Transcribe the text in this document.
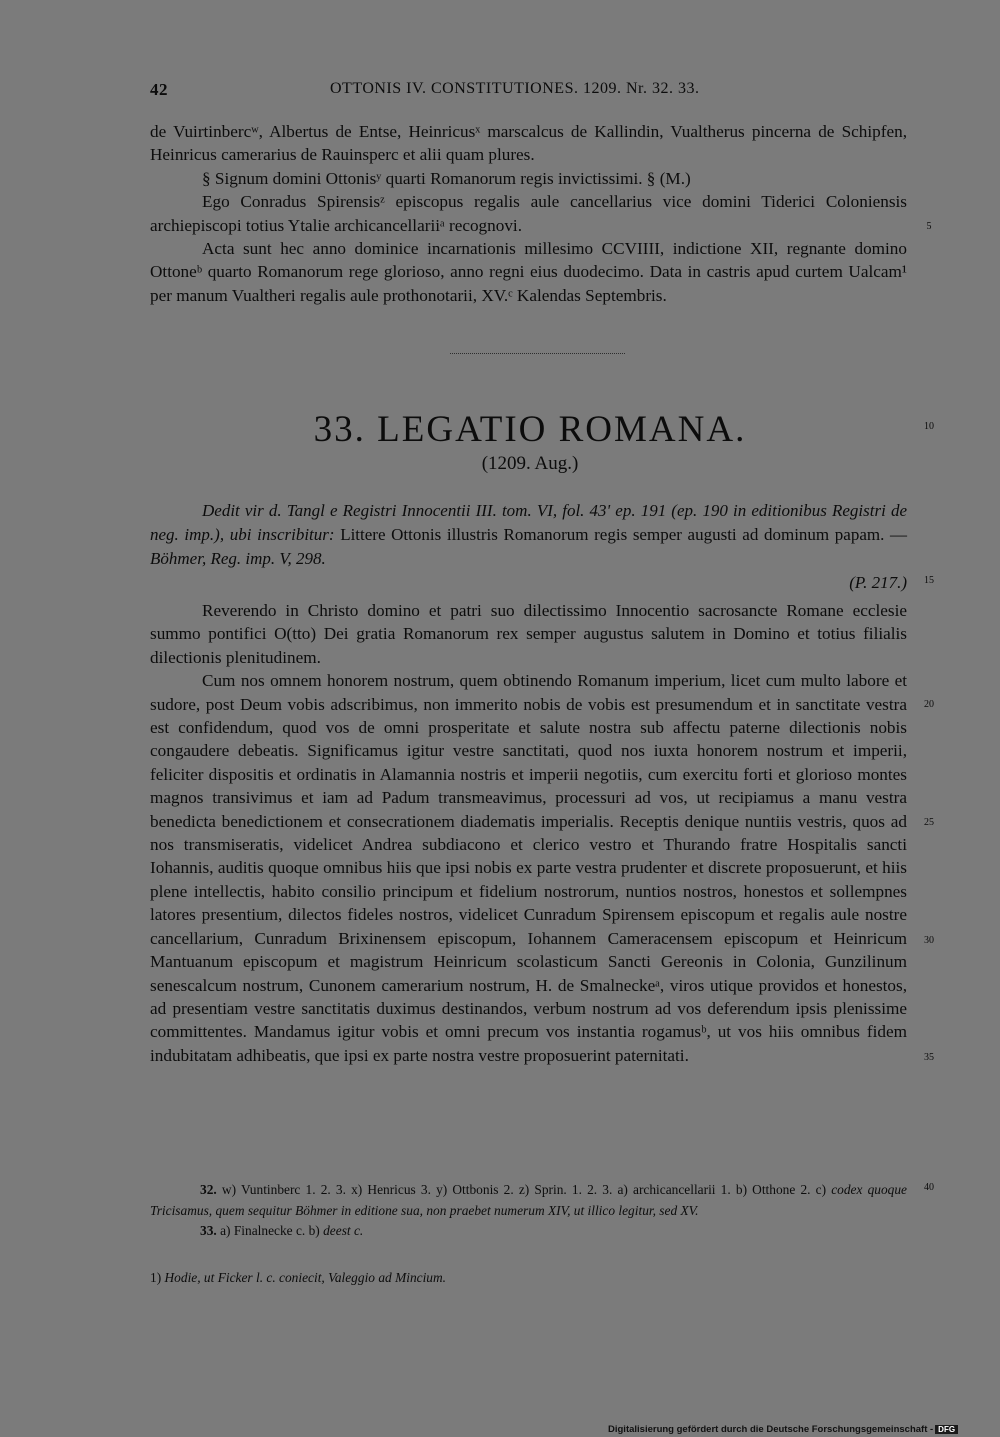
42	OTTONIS IV. CONSTITUTIONES. 1209. Nr. 32. 33.

de Vuirtinbercʷ, Albertus de Entse, Heinricusˣ marscalcus de Kallindin, Vualtherus pincerna de Schipfen, Heinricus camerarius de Rauinsperc et alii quam plures.

§ Signum domini Ottonisʸ quarti Romanorum regis invictissimi. § (M.)

Ego Conradus Spirensisᶻ episcopus regalis aule cancellarius vice domini Tiderici Coloniensis archiepiscopi totius Ytalie archicancellariiᵃ recognovi.

Acta sunt hec anno dominice incarnationis millesimo CCVIIII, indictione XII, regnante domino Ottoneᵇ quarto Romanorum rege glorioso, anno regni eius duodecimo. Data in castris apud curtem Ualcam¹ per manum Vualtheri regalis aule prothonotarii, XV.ᶜ Kalendas Septembris.

33. LEGATIO ROMANA.
(1209. Aug.)

Dedit vir d. Tangl e Registri Innocentii III. tom. VI, fol. 43' ep. 191 (ep. 190 in editionibus Registri de neg. imp.), ubi inscribitur: Littere Ottonis illustris Romanorum regis semper augusti ad dominum papam. — Böhmer, Reg. imp. V, 298.

(P. 217.)

Reverendo in Christo domino et patri suo dilectissimo Innocentio sacrosancte Romane ecclesie summo pontifici O(tto) Dei gratia Romanorum rex semper augustus salutem in Domino et totius filialis dilectionis plenitudinem.

Cum nos omnem honorem nostrum, quem obtinendo Romanum imperium, licet cum multo labore et sudore, post Deum vobis adscribimus, non immerito nobis de vobis est presumendum et in sanctitate vestra est confidendum, quod vos de omni prosperitate et salute nostra sub affectu paterne dilectionis nobis congaudere debeatis. Significamus igitur vestre sanctitati, quod nos iuxta honorem nostrum et imperii, feliciter dispositis et ordinatis in Alamannia nostris et imperii negotiis, cum exercitu forti et glorioso montes magnos transivimus et iam ad Padum transmeavimus, processuri ad vos, ut recipiamus a manu vestra benedicta benedictionem et consecrationem diadematis imperialis. Receptis denique nuntiis vestris, quos ad nos transmiseratis, videlicet Andrea subdiacono et clerico vestro et Thurando fratre Hospitalis sancti Iohannis, auditis quoque omnibus hiis que ipsi nobis ex parte vestra prudenter et discrete proposuerunt, et hiis plene intellectis, habito consilio principum et fidelium nostrorum, nuntios nostros, honestos et sollempnes latores presentium, dilectos fideles nostros, videlicet Cunradum Spirensem episcopum et regalis aule nostre cancellarium, Cunradum Brixinensem episcopum, Iohannem Cameracensem episcopum et Heinricum Mantuanum episcopum et magistrum Heinricum scolasticum Sancti Gereonis in Colonia, Gunzilinum senescalcum nostrum, Cunonem camerarium nostrum, H. de Smalneckeᵃ, viros utique providos et honestos, ad presentiam vestre sanctitatis duximus destinandos, verbum nostrum ad vos deferendum ipsis plenissime committentes. Mandamus igitur vobis et omni precum vos instantia rogamusᵇ, ut vos hiis omnibus fidem indubitatam adhibeatis, que ipsi ex parte nostra vestre proposuerint paternitati.

32. w) Vuntinberc 1. 2. 3. x) Henricus 3. y) Ottbonis 2. z) Sprin. 1. 2. 3. a) archicancellarii 1. b) Otthone 2. c) codex quoque Tricisamus, quem sequitur Böhmer in editione sua, non praebet numerum XIV, ut illico legitur, sed XV.

33. a) Finalnecke c. b) deest c.

1) Hodie, ut Ficker l. c. coniecit, Valeggio ad Mincium.

5
10
15
20
25
30
35
40
Digitalisierung gefördert durch die Deutsche Forschungsgemeinschaft - DFG
